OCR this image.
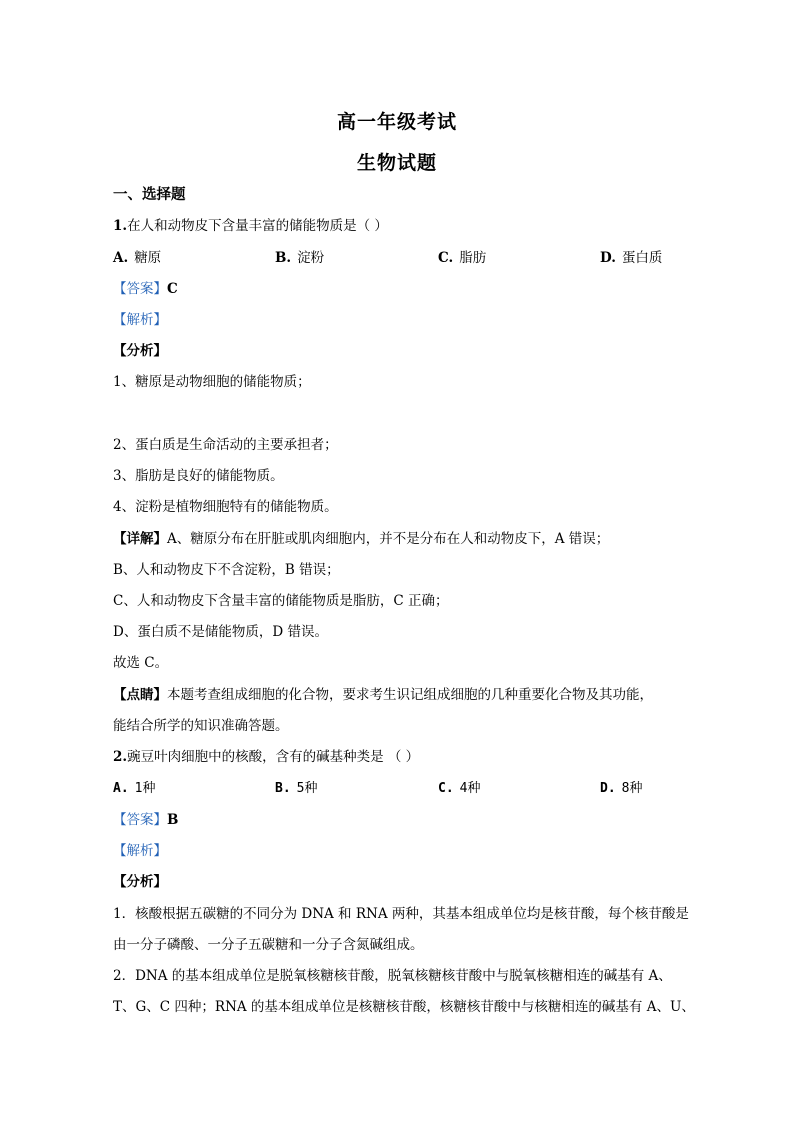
高一年级考试
生物试题
一、选择题
1.在人和动物皮下含量丰富的储能物质是（ ）
A. 糖原	B. 淀粉	C. 脂肪	D. 蛋白质
【答案】C
【解析】
【分析】
1、糖原是动物细胞的储能物质；
2、蛋白质是生命活动的主要承担者；
3、脂肪是良好的储能物质。
4、淀粉是植物细胞特有的储能物质。
【详解】A、糖原分布在肝脏或肌肉细胞内，并不是分布在人和动物皮下，A 错误；
B、人和动物皮下不含淀粉，B 错误；
C、人和动物皮下含量丰富的储能物质是脂肪，C 正确；
D、蛋白质不是储能物质，D 错误。
故选 C。
【点睛】本题考查组成细胞的化合物，要求考生识记组成细胞的几种重要化合物及其功能，
能结合所学的知识准确答题。
2.豌豆叶肉细胞中的核酸，含有的碱基种类是 （ ）
A. 1种	B. 5种	C. 4种	D. 8种
【答案】B
【解析】
【分析】
1．核酸根据五碳糖的不同分为 DNA 和 RNA 两种，其基本组成单位均是核苷酸，每个核苷酸是
由一分子磷酸、一分子五碳糖和一分子含氮碱组成。
2．DNA 的基本组成单位是脱氧核糖核苷酸，脱氧核糖核苷酸中与脱氧核糖相连的碱基有 A、
T、G、C 四种；RNA 的基本组成单位是核糖核苷酸，核糖核苷酸中与核糖相连的碱基有 A、U、
